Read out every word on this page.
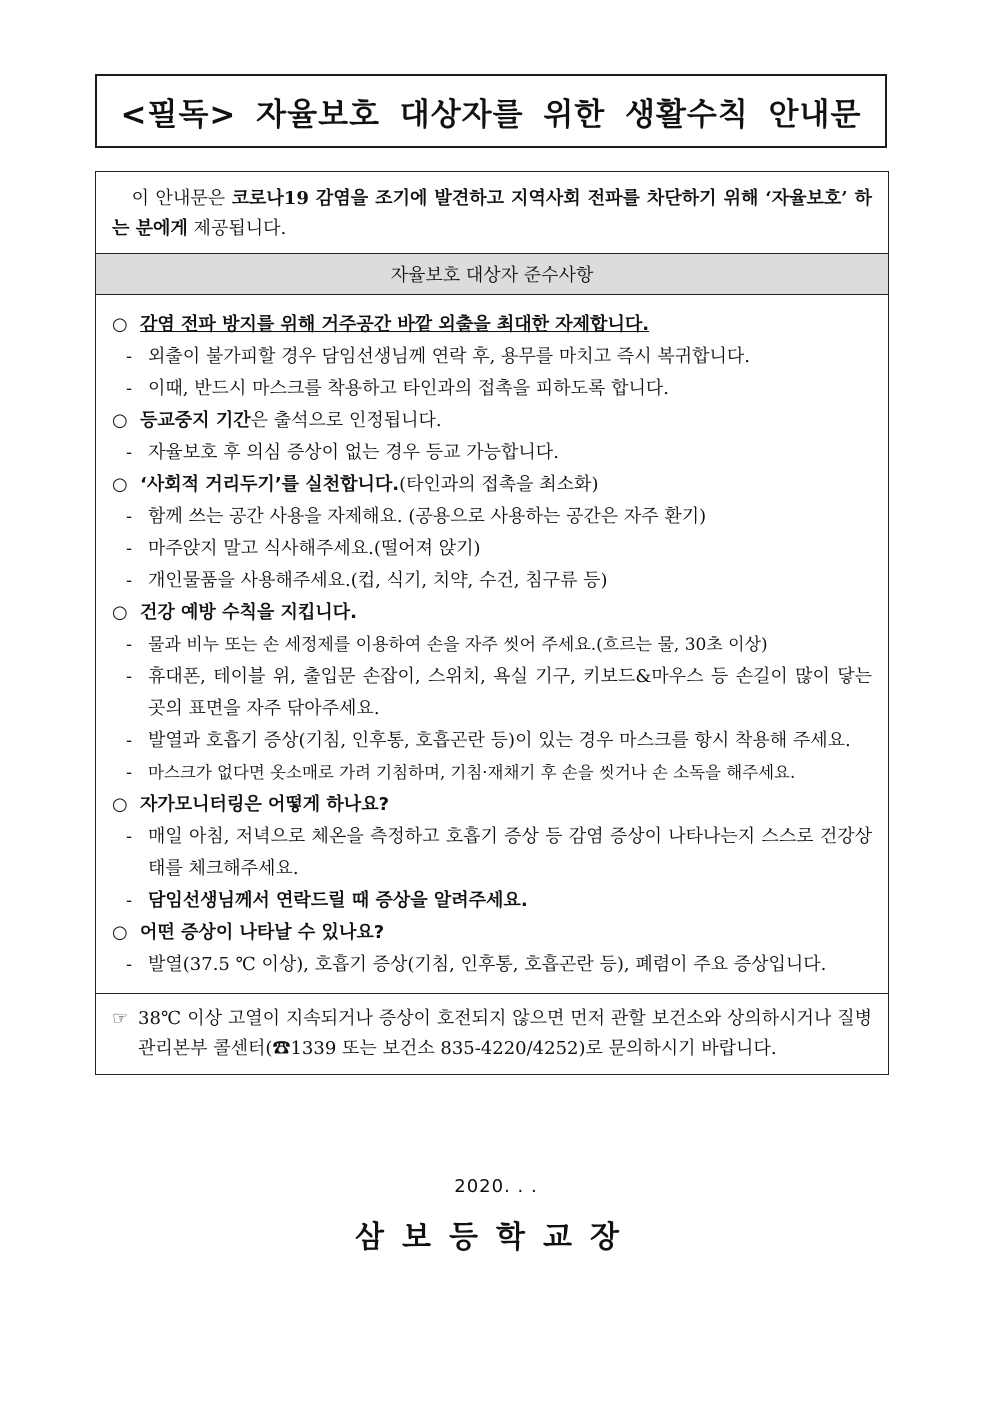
<필독> 자율보호 대상자를 위한 생활수칙 안내문
이 안내문은 코로나19 감염을 조기에 발견하고 지역사회 전파를 차단하기 위해 ‘자율보호’ 하는 분에게 제공됩니다.
자율보호 대상자 준수사항
○ 감염 전파 방지를 위해 거주공간 바깥 외출을 최대한 자제합니다.
- 외출이 불가피할 경우 담임선생님께 연락 후, 용무를 마치고 즉시 복귀합니다.
- 이때, 반드시 마스크를 착용하고 타인과의 접촉을 피하도록 합니다.
○ 등교중지 기간은 출석으로 인정됩니다.
- 자율보호 후 의심 증상이 없는 경우 등교 가능합니다.
○ ‘사회적 거리두기’를 실천합니다.(타인과의 접촉을 최소화)
- 함께 쓰는 공간 사용을 자제해요. (공용으로 사용하는 공간은 자주 환기)
- 마주앉지 말고 식사해주세요.(떨어져 앉기)
- 개인물품을 사용해주세요.(컵, 식기, 치약, 수건, 침구류 등)
○ 건강 예방 수칙을 지킵니다.
- 물과 비누 또는 손 세정제를 이용하여 손을 자주 씻어 주세요.(흐르는 물, 30초 이상)
- 휴대폰, 테이블 위, 출입문 손잡이, 스위치, 욕실 기구, 키보드&마우스 등 손길이 많이 닿는 곳의 표면을 자주 닦아주세요.
- 발열과 호흡기 증상(기침, 인후통, 호흡곤란 등)이 있는 경우 마스크를 항시 착용해 주세요.
- 마스크가 없다면 옷소매로 가려 기침하며, 기침·재채기 후 손을 씻거나 손 소독을 해주세요.
○ 자가모니터링은 어떻게 하나요?
- 매일 아침, 저녁으로 체온을 측정하고 호흡기 증상 등 감염 증상이 나타나는지 스스로 건강상태를 체크해주세요.
- 담임선생님께서 연락드릴 때 증상을 알려주세요.
○ 어떤 증상이 나타날 수 있나요?
- 발열(37.5 ℃ 이상), 호흡기 증상(기침, 인후통, 호흡곤란 등), 폐렴이 주요 증상입니다.
☞ 38℃ 이상 고열이 지속되거나 증상이 호전되지 않으면 먼저 관할 보건소와 상의하시거나 질병관리본부 콜센터(☎1339 또는 보건소 835-4220/4252)로 문의하시기 바랍니다.
2020. . .
삼보등학교장
